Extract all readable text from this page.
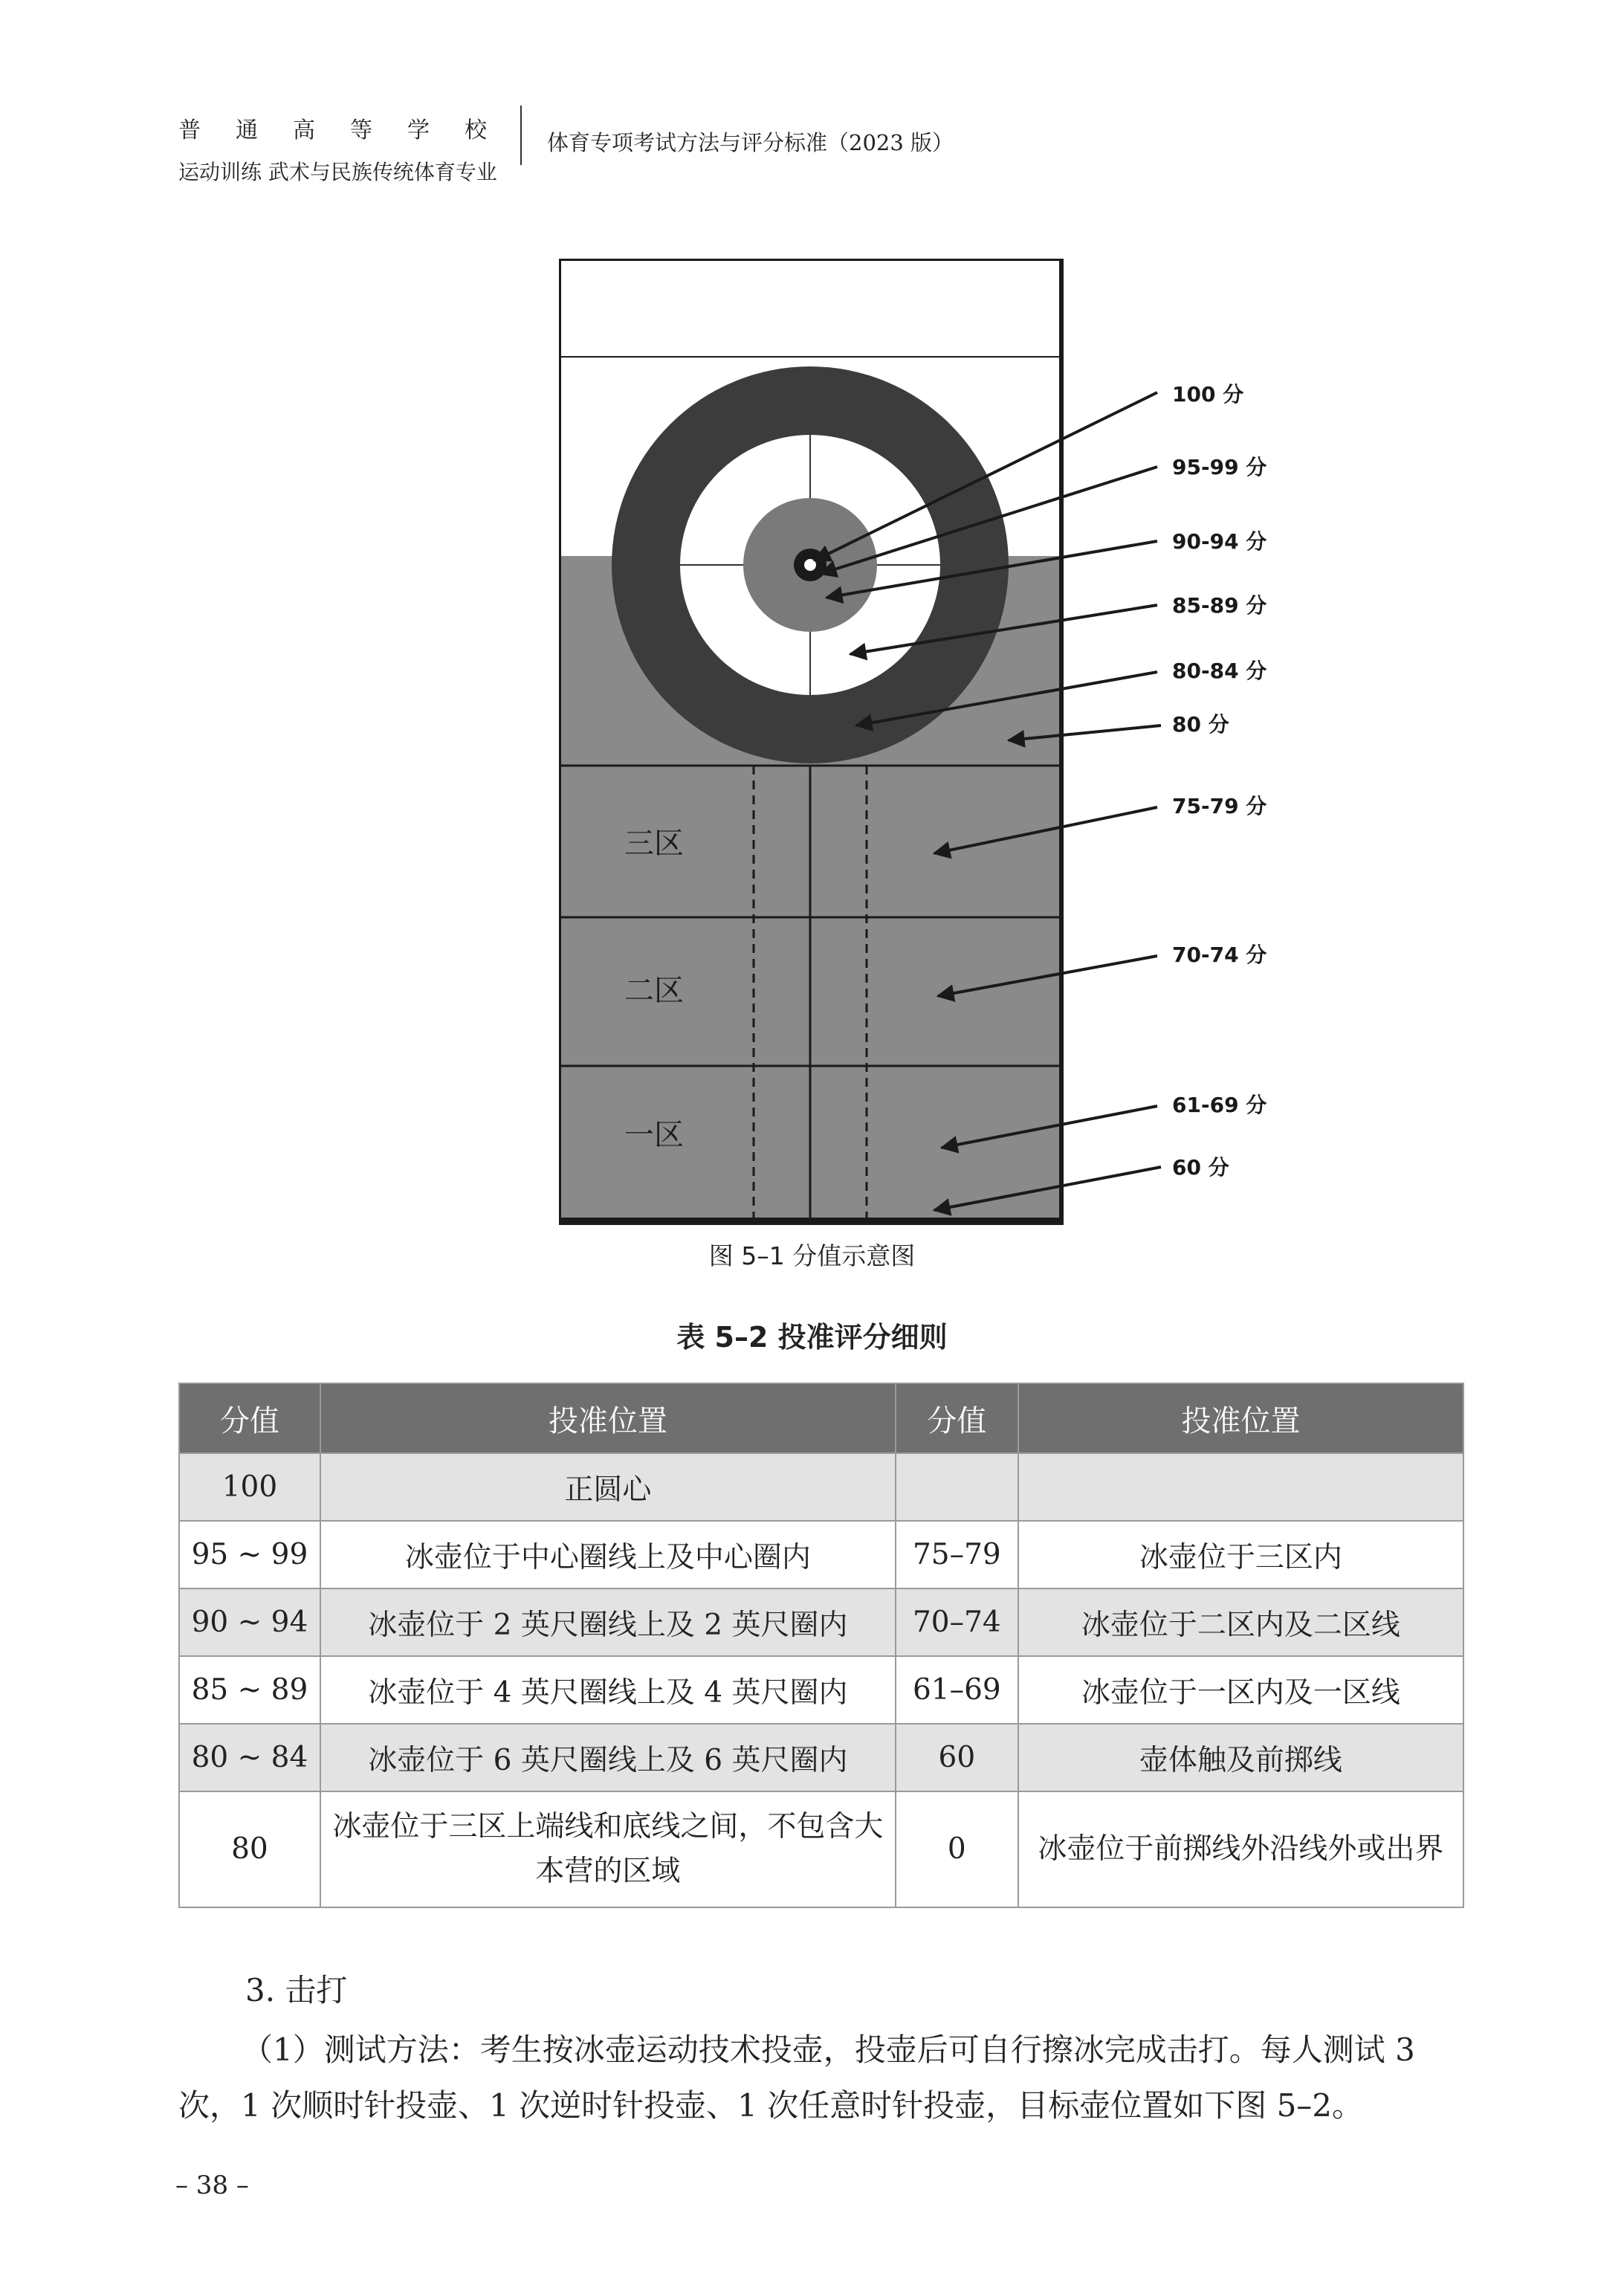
普 通 高 等 学 校
运动训练 武术与民族传统体育专业
体育专项考试方法与评分标准（2023 版）
三区
二区
一区
100 分
95-99 分
90-94 分
85-89 分
80-84 分
80 分
75-79 分
70-74 分
61-69 分
60 分
图 5–1 分值示意图
表 5–2 投准评分细则
分值	投准位置	分值	投准位置
100	正圆心		
95 ~ 99	冰壶位于中心圈线上及中心圈内	75–79	冰壶位于三区内
90 ~ 94	冰壶位于 2 英尺圈线上及 2 英尺圈内	70–74	冰壶位于二区内及二区线
85 ~ 89	冰壶位于 4 英尺圈线上及 4 英尺圈内	61–69	冰壶位于一区内及一区线
80 ~ 84	冰壶位于 6 英尺圈线上及 6 英尺圈内	60	壶体触及前掷线
80	冰壶位于三区上端线和底线之间，不包含大本营的区域	0	冰壶位于前掷线外沿线外或出界
3. 击打
（1）测试方法：考生按冰壶运动技术投壶，投壶后可自行擦冰完成击打。每人测试 3 次，1 次顺时针投壶、1 次逆时针投壶、1 次任意时针投壶，目标壶位置如下图 5–2。
– 38 –
